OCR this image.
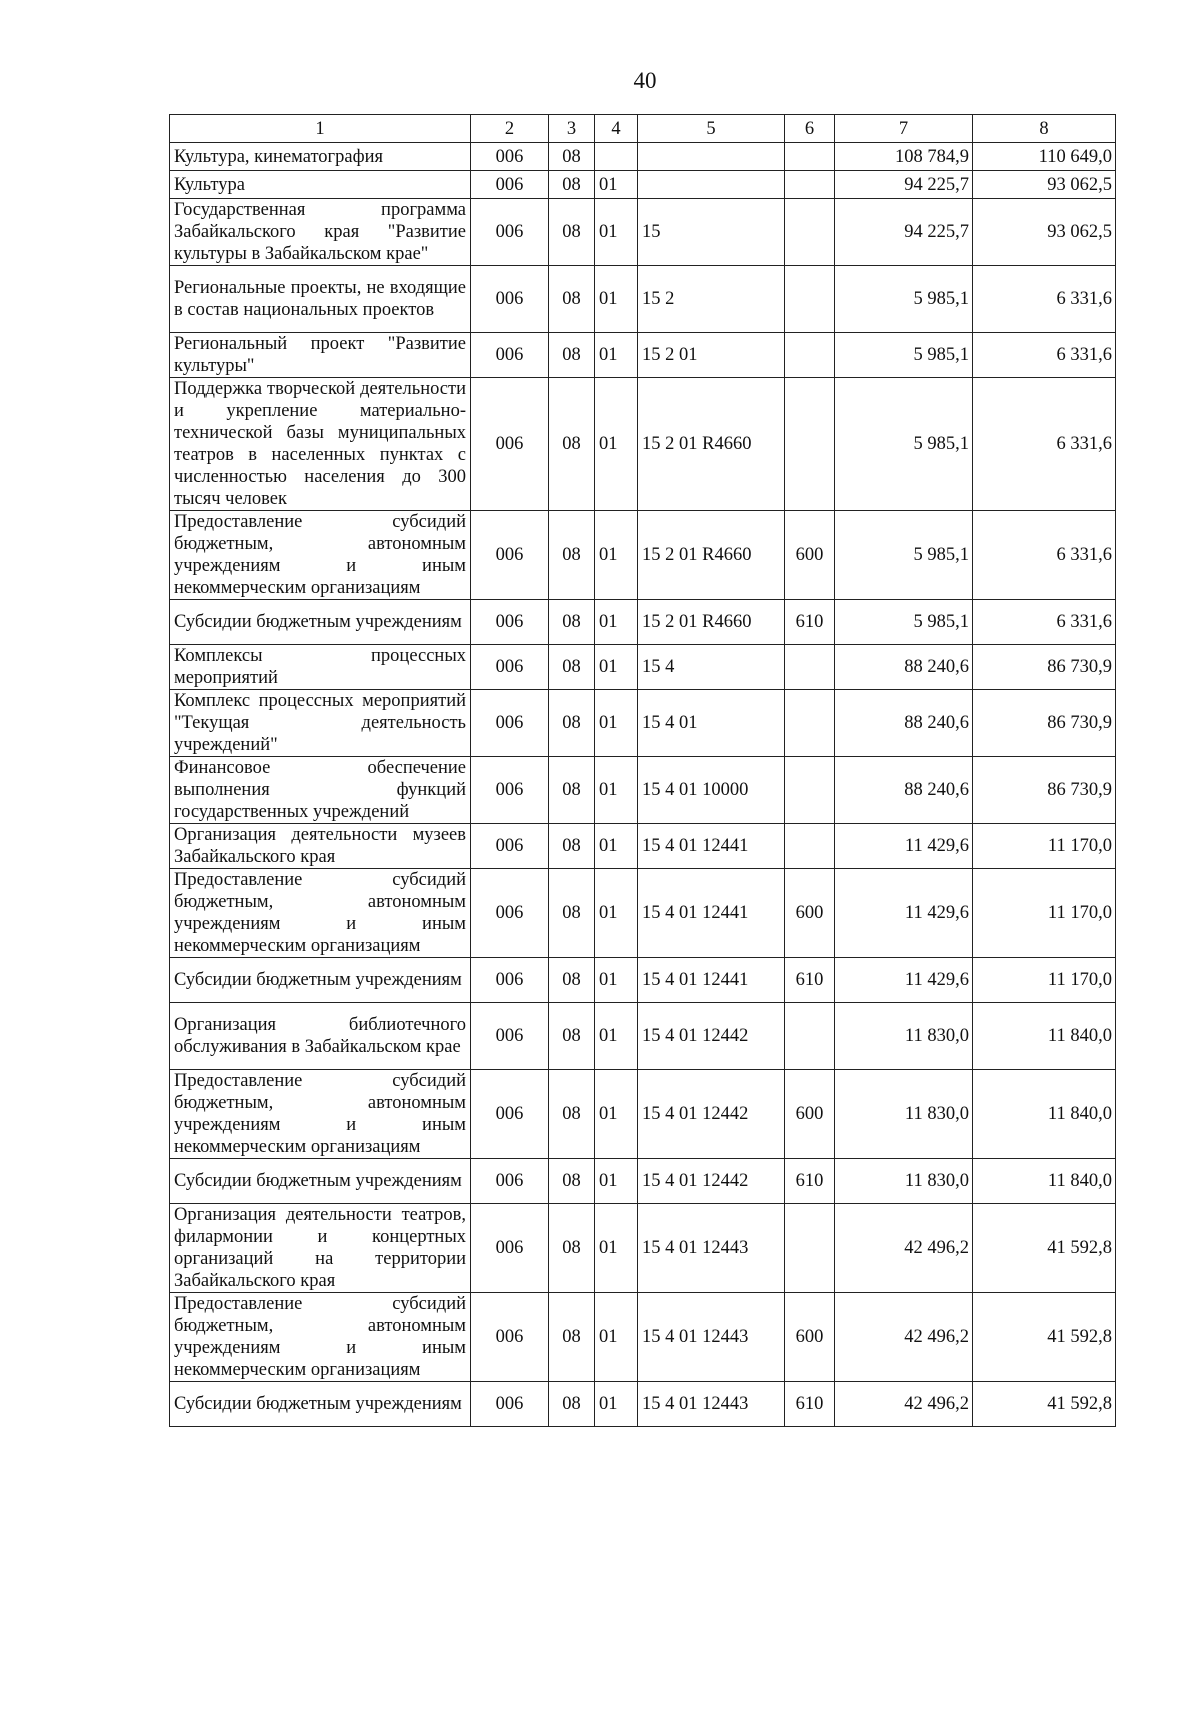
40
1	2	3	4	5	6	7	8
Культура, кинематография	006	08				108 784,9	110 649,0
Культура	006	08	01			94 225,7	93 062,5
Государственная программа Забайкальского края "Развитие культуры в Забайкальском крае"	006	08	01	15		94 225,7	93 062,5
Региональные проекты, не входящие в состав национальных проектов	006	08	01	15 2		5 985,1	6 331,6
Региональный проект "Развитие культуры"	006	08	01	15 2 01		5 985,1	6 331,6
Поддержка творческой деятельности и укрепление материально-технической базы муниципальных театров в населенных пунктах с численностью населения до 300 тысяч человек	006	08	01	15 2 01 R4660		5 985,1	6 331,6
Предоставление субсидий бюджетным, автономным учреждениям и иным некоммерческим организациям	006	08	01	15 2 01 R4660	600	5 985,1	6 331,6
Субсидии бюджетным учреждениям	006	08	01	15 2 01 R4660	610	5 985,1	6 331,6
Комплексы процессных мероприятий	006	08	01	15 4		88 240,6	86 730,9
Комплекс процессных мероприятий "Текущая деятельность учреждений"	006	08	01	15 4 01		88 240,6	86 730,9
Финансовое обеспечение выполнения функций государственных учреждений	006	08	01	15 4 01 10000		88 240,6	86 730,9
Организация деятельности музеев Забайкальского края	006	08	01	15 4 01 12441		11 429,6	11 170,0
Предоставление субсидий бюджетным, автономным учреждениям и иным некоммерческим организациям	006	08	01	15 4 01 12441	600	11 429,6	11 170,0
Субсидии бюджетным учреждениям	006	08	01	15 4 01 12441	610	11 429,6	11 170,0
Организация библиотечного обслуживания в Забайкальском крае	006	08	01	15 4 01 12442		11 830,0	11 840,0
Предоставление субсидий бюджетным, автономным учреждениям и иным некоммерческим организациям	006	08	01	15 4 01 12442	600	11 830,0	11 840,0
Субсидии бюджетным учреждениям	006	08	01	15 4 01 12442	610	11 830,0	11 840,0
Организация деятельности театров, филармонии и концертных организаций на территории Забайкальского края	006	08	01	15 4 01 12443		42 496,2	41 592,8
Предоставление субсидий бюджетным, автономным учреждениям и иным некоммерческим организациям	006	08	01	15 4 01 12443	600	42 496,2	41 592,8
Субсидии бюджетным учреждениям	006	08	01	15 4 01 12443	610	42 496,2	41 592,8
